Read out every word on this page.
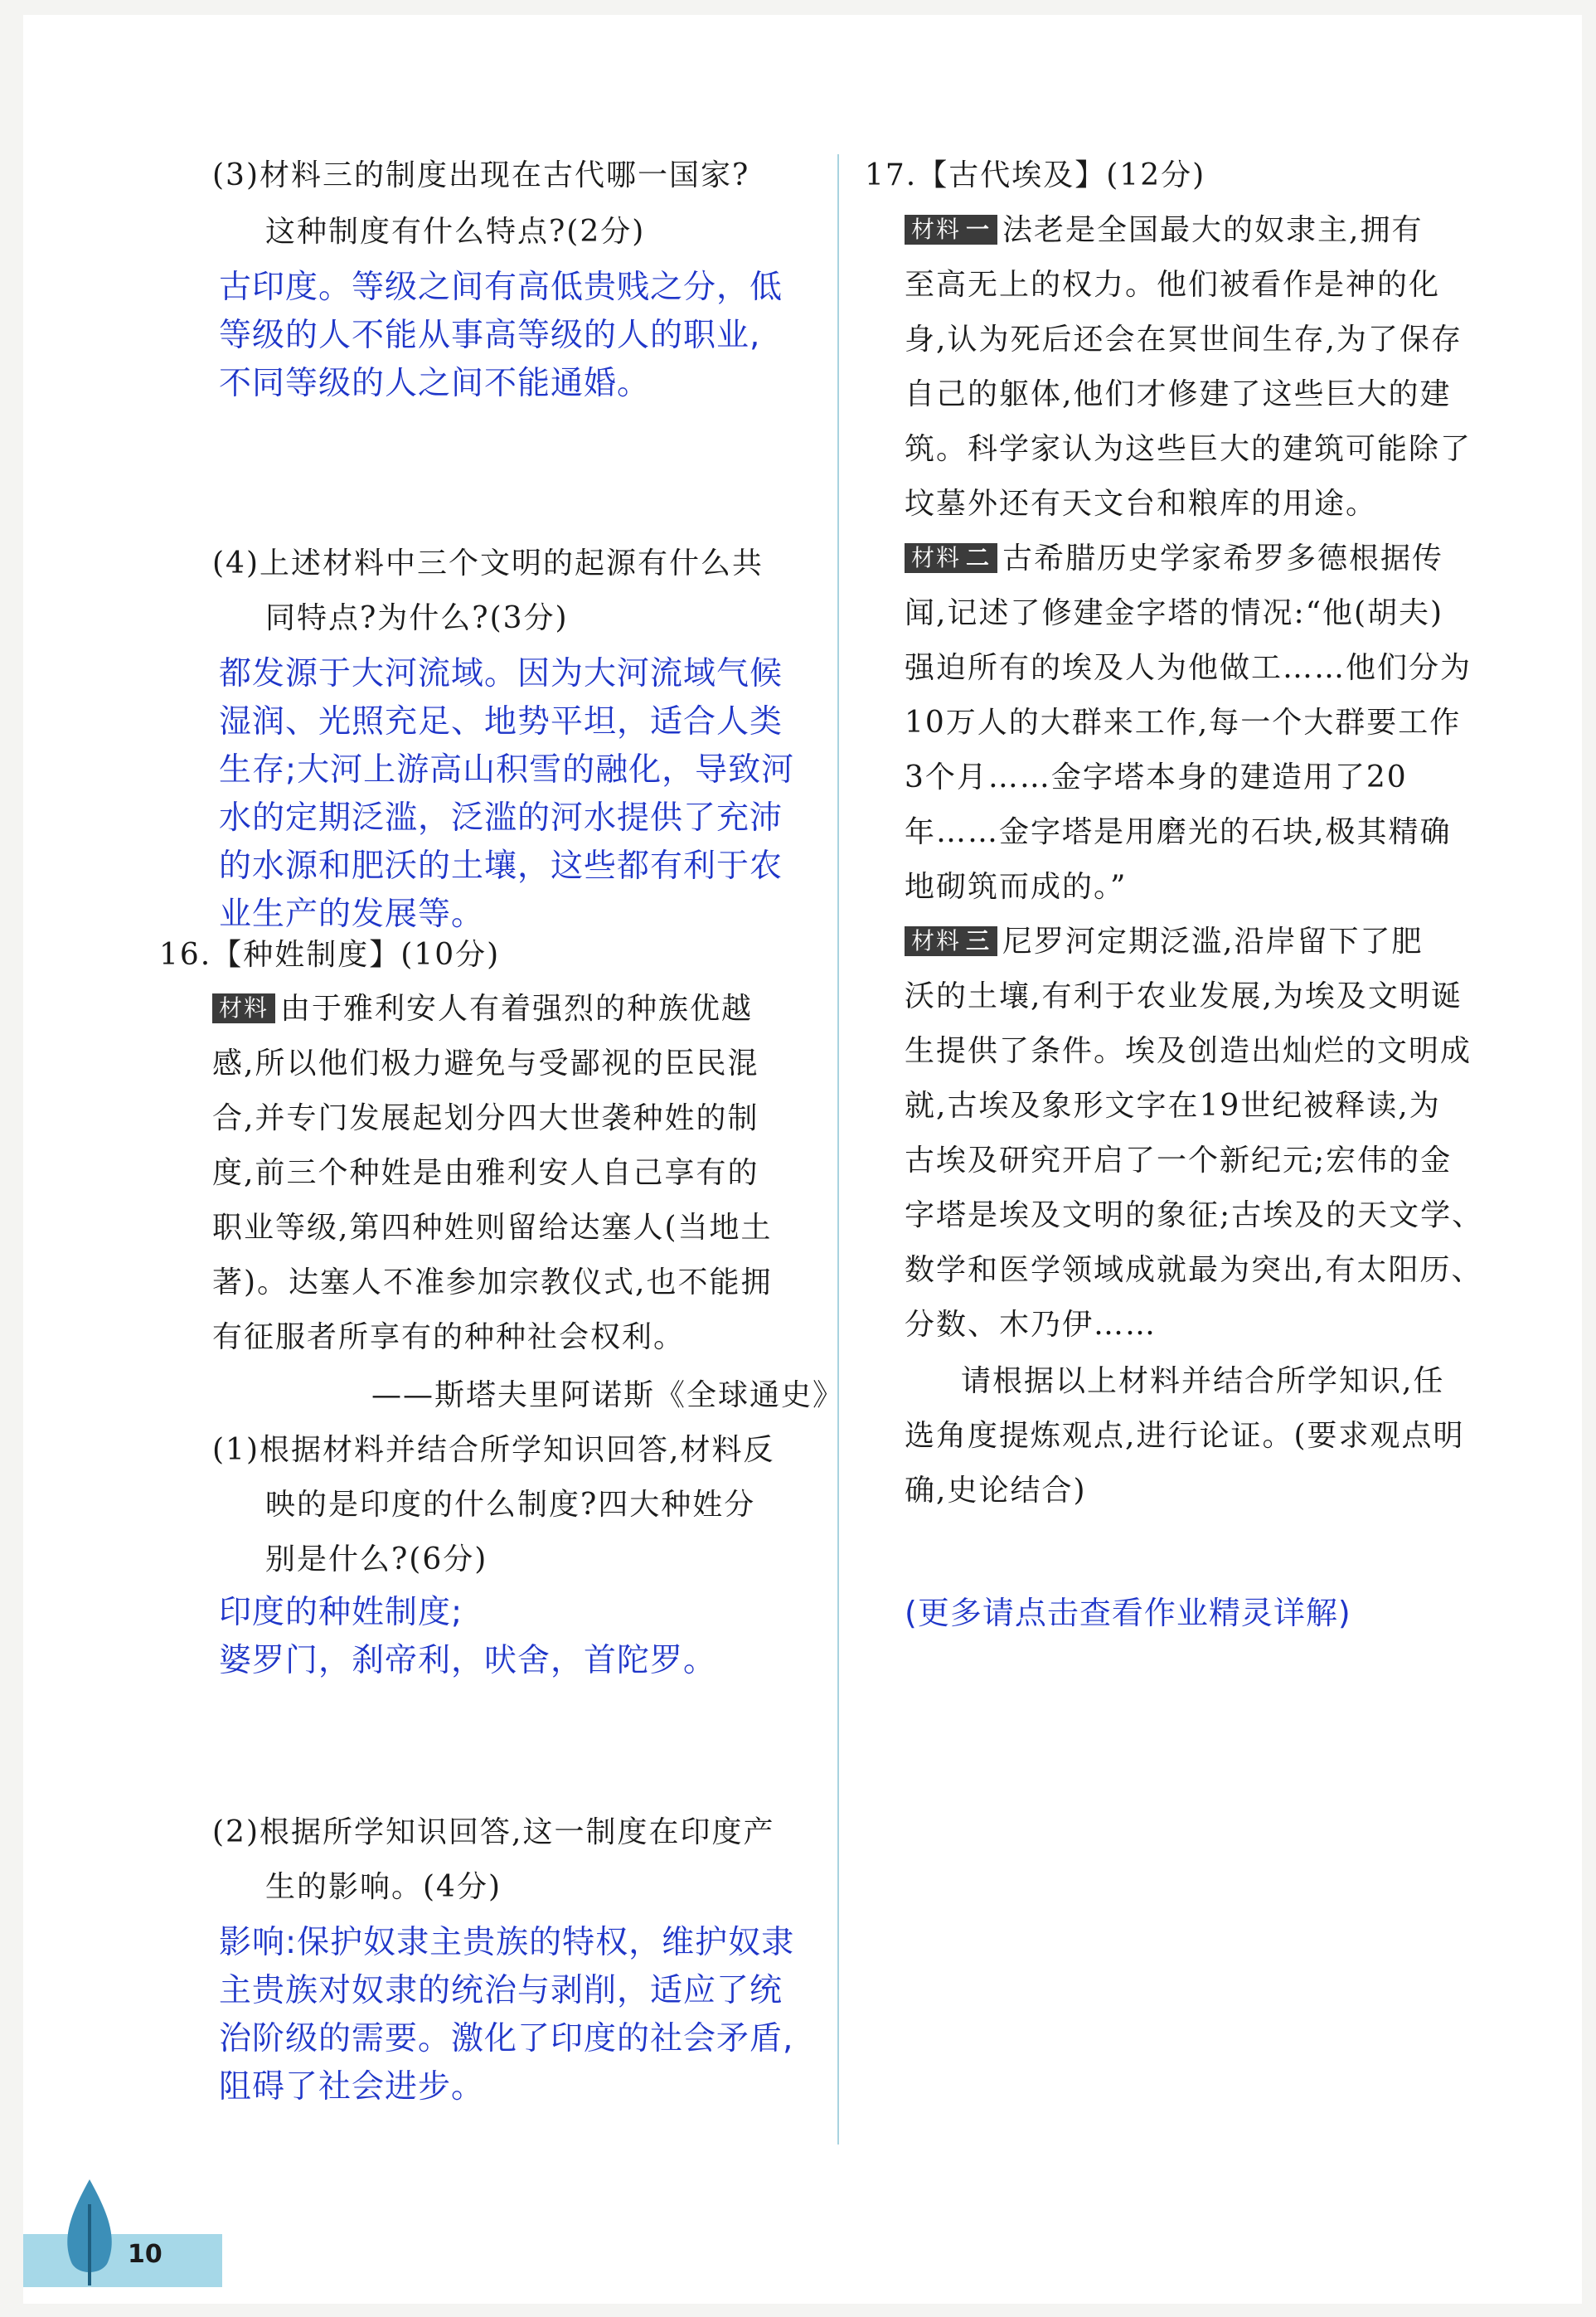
(3)材料三的制度出现在古代哪一国家?
这种制度有什么特点?(2分)
古印度。等级之间有高低贵贱之分，低
等级的人不能从事高等级的人的职业,
不同等级的人之间不能通婚。
(4)上述材料中三个文明的起源有什么共
同特点?为什么?(3分)
都发源于大河流域。因为大河流域气候
湿润、光照充足、地势平坦，适合人类
生存;大河上游高山积雪的融化，导致河
水的定期泛滥，泛滥的河水提供了充沛
的水源和肥沃的土壤，这些都有利于农
业生产的发展等。
16.【种姓制度】(10分)
材料 由于雅利安人有着强烈的种族优越
感,所以他们极力避免与受鄙视的臣民混
合,并专门发展起划分四大世袭种姓的制
度,前三个种姓是由雅利安人自己享有的
职业等级,第四种姓则留给达塞人(当地土
著)。达塞人不准参加宗教仪式,也不能拥
有征服者所享有的种种社会权利。
——斯塔夫里阿诺斯《全球通史》
(1)根据材料并结合所学知识回答,材料反
映的是印度的什么制度?四大种姓分
别是什么?(6分)
印度的种姓制度;
婆罗门，刹帝利，吠舍，首陀罗。
(2)根据所学知识回答,这一制度在印度产
生的影响。(4分)
影响:保护奴隶主贵族的特权，维护奴隶
主贵族对奴隶的统治与剥削，适应了统
治阶级的需要。激化了印度的社会矛盾,
阻碍了社会进步。
17.【古代埃及】(12分)
材料 一 法老是全国最大的奴隶主,拥有
至高无上的权力。他们被看作是神的化
身,认为死后还会在冥世间生存,为了保存
自己的躯体,他们才修建了这些巨大的建
筑。科学家认为这些巨大的建筑可能除了
坟墓外还有天文台和粮库的用途。
材料 二 古希腊历史学家希罗多德根据传
闻,记述了修建金字塔的情况:“他(胡夫)
强迫所有的埃及人为他做工……他们分为
10万人的大群来工作,每一个大群要工作
3个月……金字塔本身的建造用了20
年……金字塔是用磨光的石块,极其精确
地砌筑而成的。”
材料 三 尼罗河定期泛滥,沿岸留下了肥
沃的土壤,有利于农业发展,为埃及文明诞
生提供了条件。埃及创造出灿烂的文明成
就,古埃及象形文字在19世纪被释读,为
古埃及研究开启了一个新纪元;宏伟的金
字塔是埃及文明的象征;古埃及的天文学、
数学和医学领域成就最为突出,有太阳历、
分数、木乃伊……
请根据以上材料并结合所学知识,任
选角度提炼观点,进行论证。(要求观点明
确,史论结合)
(更多请点击查看作业精灵详解)
10
